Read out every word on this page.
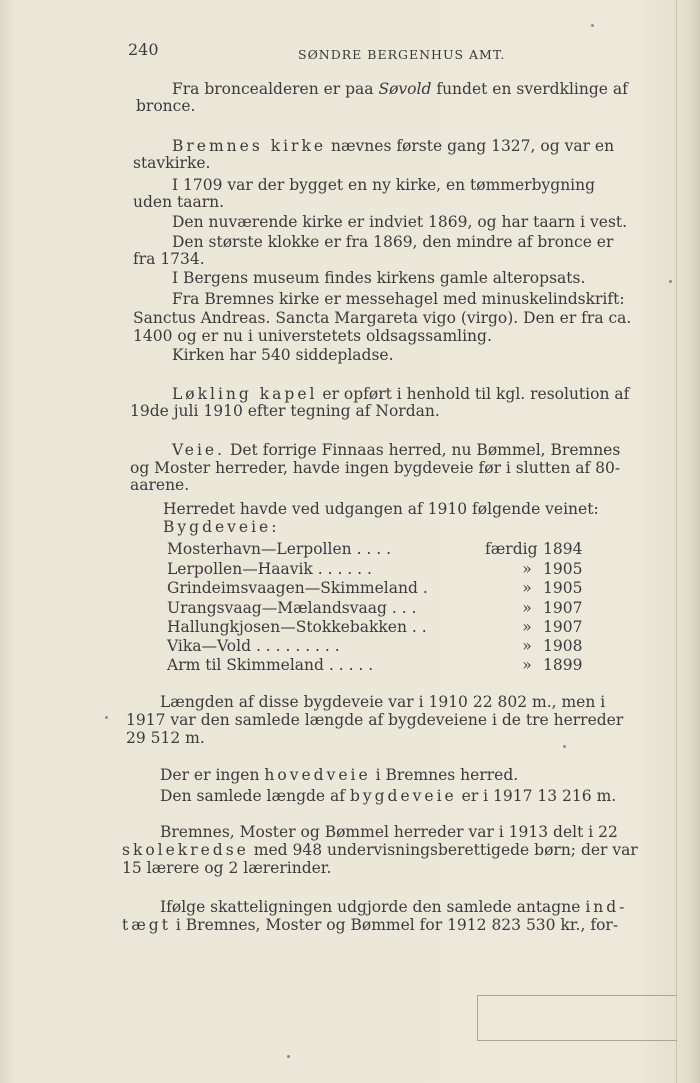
240	SØNDRE BERGENHUS AMT.
Fra broncealderen er paa Søvold fundet en sverdklinge af
bronce.
Bremnes kirke nævnes første gang 1327, og var en
stavkirke.
I 1709 var der bygget en ny kirke, en tømmerbygning
uden taarn.
Den nuværende kirke er indviet 1869, og har taarn i vest.
Den største klokke er fra 1869, den mindre af bronce er
fra 1734.
I Bergens museum findes kirkens gamle alteropsats.
Fra Bremnes kirke er messehagel med minuskelindskrift:
Sanctus Andreas. Sancta Margareta vigo (virgo). Den er fra ca.
1400 og er nu i universtetets oldsagssamling.
Kirken har 540 siddepladse.
Løkling kapel er opført i henhold til kgl. resolution af
19de juli 1910 efter tegning af Nordan.
Veie. Det forrige Finnaas herred, nu Bømmel, Bremnes
og Moster herreder, havde ingen bygdeveie før i slutten af 80-
aarene.
Herredet havde ved udgangen af 1910 følgende veinet:
Bygdeveie:
Mosterhavn—Lerpollen . . . .	færdig 1894
Lerpollen—Haavik . . . . . .	» 1905
Grindeimsvaagen—Skimmeland .	» 1905
Urangsvaag—Mælandsvaag . . .	» 1907
Hallungkjosen—Stokkebakken . .	» 1907
Vika—Vold . . . . . . . . .	» 1908
Arm til Skimmeland . . . . .	» 1899
Længden af disse bygdeveie var i 1910 22 802 m., men i
1917 var den samlede længde af bygdeveiene i de tre herreder
29 512 m.
Der er ingen hovedveie i Bremnes herred.
Den samlede længde af bygdeveie er i 1917 13 216 m.
Bremnes, Moster og Bømmel herreder var i 1913 delt i 22
skolekredse med 948 undervisningsberettigede børn; der var
15 lærere og 2 lærerinder.
Ifølge skatteligningen udgjorde den samlede antagne ind-
tægt i Bremnes, Moster og Bømmel for 1912 823 530 kr., for-
